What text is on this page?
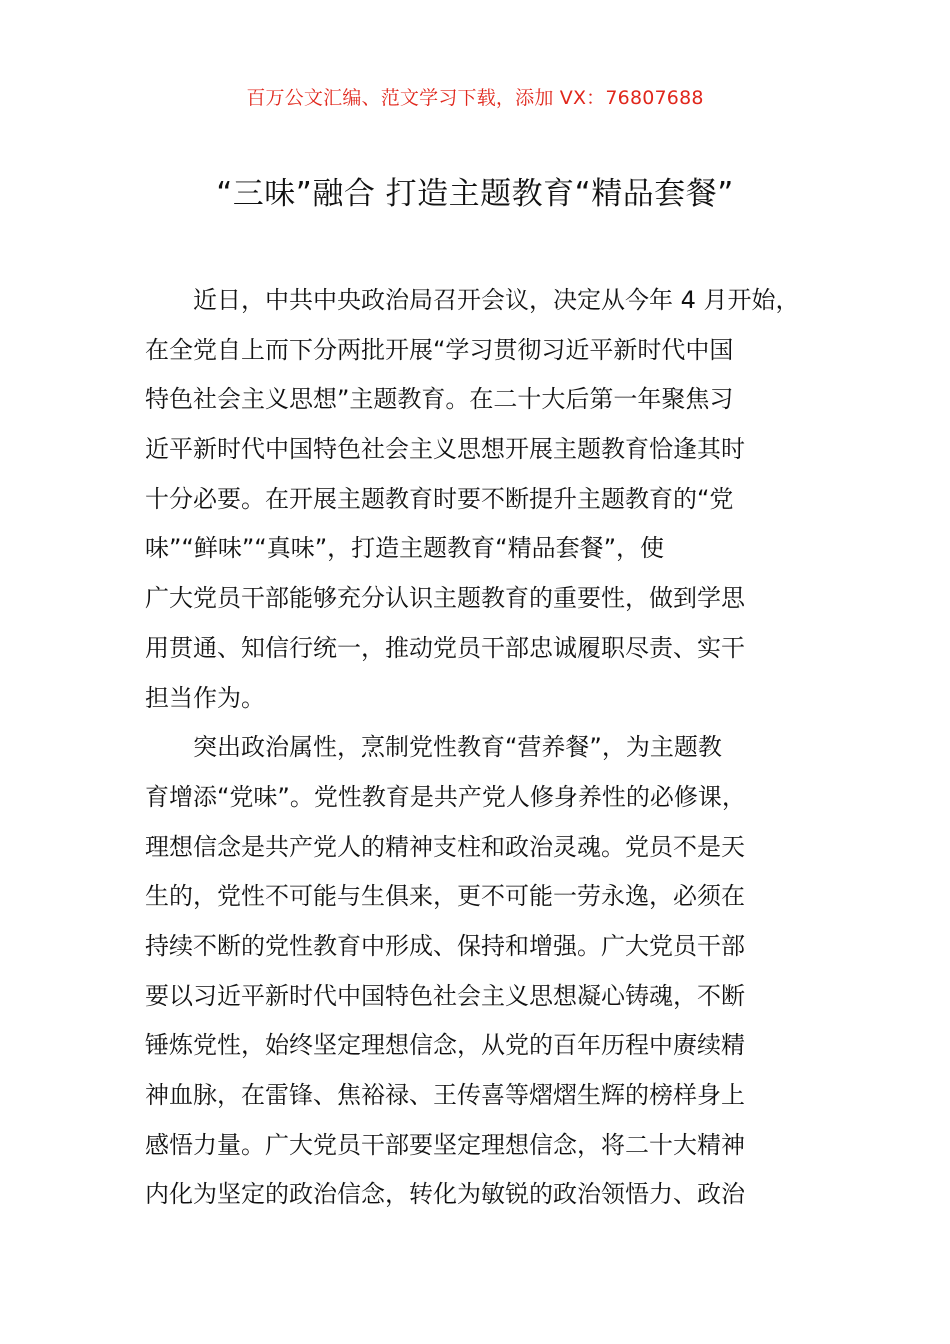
百万公文汇编、范文学习下载，添加 VX：76807688
“三味”融合 打造主题教育“精品套餐”
近日，中共中央政治局召开会议，决定从今年 4 月开始，
在全党自上而下分两批开展“学习贯彻习近平新时代中国
特色社会主义思想”主题教育。在二十大后第一年聚焦习
近平新时代中国特色社会主义思想开展主题教育恰逢其时
十分必要。在开展主题教育时要不断提升主题教育的“党
味”“鲜味”“真味”，打造主题教育“精品套餐”，使
广大党员干部能够充分认识主题教育的重要性，做到学思
用贯通、知信行统一，推动党员干部忠诚履职尽责、实干
担当作为。
突出政治属性，烹制党性教育“营养餐”，为主题教
育增添“党味”。党性教育是共产党人修身养性的必修课，
理想信念是共产党人的精神支柱和政治灵魂。党员不是天
生的，党性不可能与生俱来，更不可能一劳永逸，必须在
持续不断的党性教育中形成、保持和增强。广大党员干部
要以习近平新时代中国特色社会主义思想凝心铸魂，不断
锤炼党性，始终坚定理想信念，从党的百年历程中赓续精
神血脉，在雷锋、焦裕禄、王传喜等熠熠生辉的榜样身上
感悟力量。广大党员干部要坚定理想信念，将二十大精神
内化为坚定的政治信念，转化为敏锐的政治领悟力、政治
